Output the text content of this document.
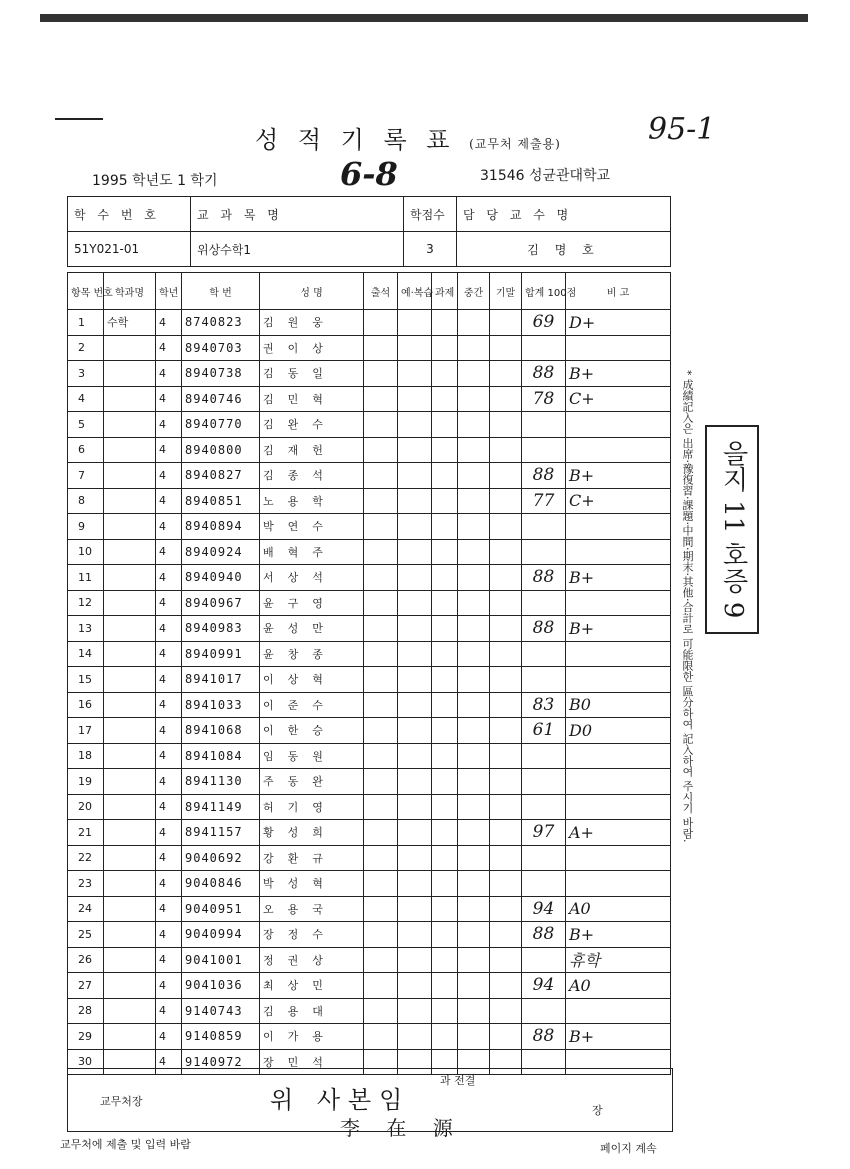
성 적 기 록 표 (교무처 제출용)	95-1
6-8
1995 학년도 1 학기	31546 성균관대학교
학 수 번 호	교 과 목 명	학점수	담 당 교 수 명
51Y021-01	위상수학1	3	김 명 호
항목 번호	학과명	학년	학 번	성 명	출석	예·복습	과제	중간	기말	합계 100점	비 고
1	수학	4	8740823	김원웅						69	D+
2		4	8940703	권이상							
3		4	8940738	김동일						88	B+
4		4	8940746	김민혁						78	C+
5		4	8940770	김완수							
6		4	8940800	김재헌							
7		4	8940827	김종석						88	B+
8		4	8940851	노용학						77	C+
9		4	8940894	박연수							
10		4	8940924	배혁주							
11		4	8940940	서상석						88	B+
12		4	8940967	윤구영							
13		4	8940983	윤성만						88	B+
14		4	8940991	윤창종							
15		4	8941017	이상혁							
16		4	8941033	이준수						83	B0
17		4	8941068	이한승						61	D0
18		4	8941084	임동원							
19		4	8941130	주동완							
20		4	8941149	허기영							
21		4	8941157	황성희						97	A+
22		4	9040692	강환규							
23		4	9040846	박성혁							
24		4	9040951	오용국						94	A0
25		4	9040994	장정수						88	B+
26		4	9041001	정권상							휴학
27		4	9041036	최상민						94	A0
28		4	9140743	김용대							
29		4	9140859	이가용						88	B+
30		4	9140972	장민석							
* 成績記入은 出席·豫復習·課題·中間·期末·其他·合計로 可能限한 區分하여 記入하여 주시기 바람. 을지 11 호증 9
교무처장	위 사본임
과 전결
장
李 在 源
교무처에 제출 및 입력 바람	페이지 계속
